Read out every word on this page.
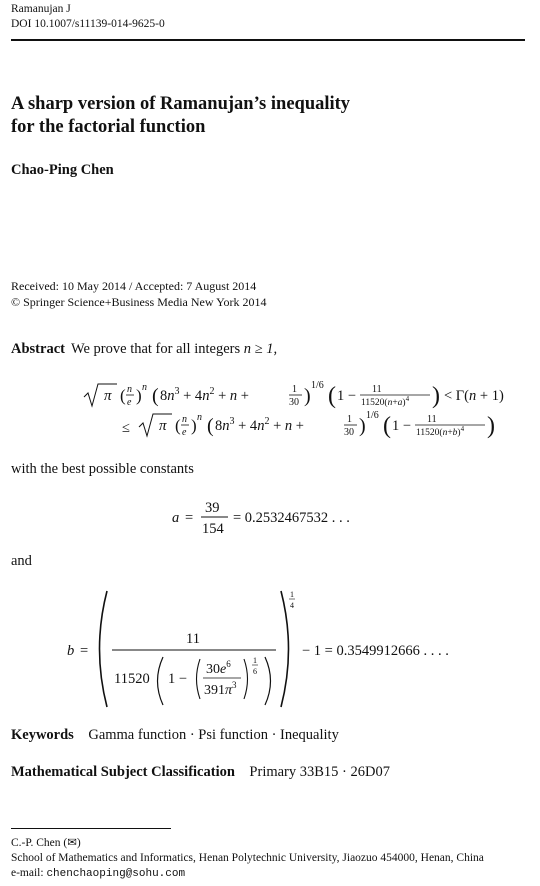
Ramanujan J
DOI 10.1007/s11139-014-9625-0
A sharp version of Ramanujan’s inequality
for the factorial function
Chao-Ping Chen
Received: 10 May 2014 / Accepted: 7 August 2014
© Springer Science+Business Media New York 2014
Abstract We prove that for all integers n ≥ 1,
π ( n
e ) n ( $8n^3 + 4n^2 + n$ +	1
30 ) 1/6 ( 1 − 11
$11520(n+a)^4$ ) < Γ(n + 1)
≤ π ( n
e ) n ( $8n^3 + 4n^2 + n$ +	1
30 ) 1/6 ( 1 − 11
$11520(n+b)^4$ )
with the best possible constants
a =
39
154
= 0.2532467532 . . .
and
b =
11
11520 1 −
$30e^6$
$391\pi^3$
1
6
1
4
− 1 = 0.3549912666 . . . .
Keywords Gamma function · Psi function · Inequality
Mathematical Subject Classification Primary 33B15 · 26D07
C.-P. Chen (✉)
School of Mathematics and Informatics, Henan Polytechnic University, Jiaozuo 454000, Henan, China
e-mail: chenchaoping@sohu.com
